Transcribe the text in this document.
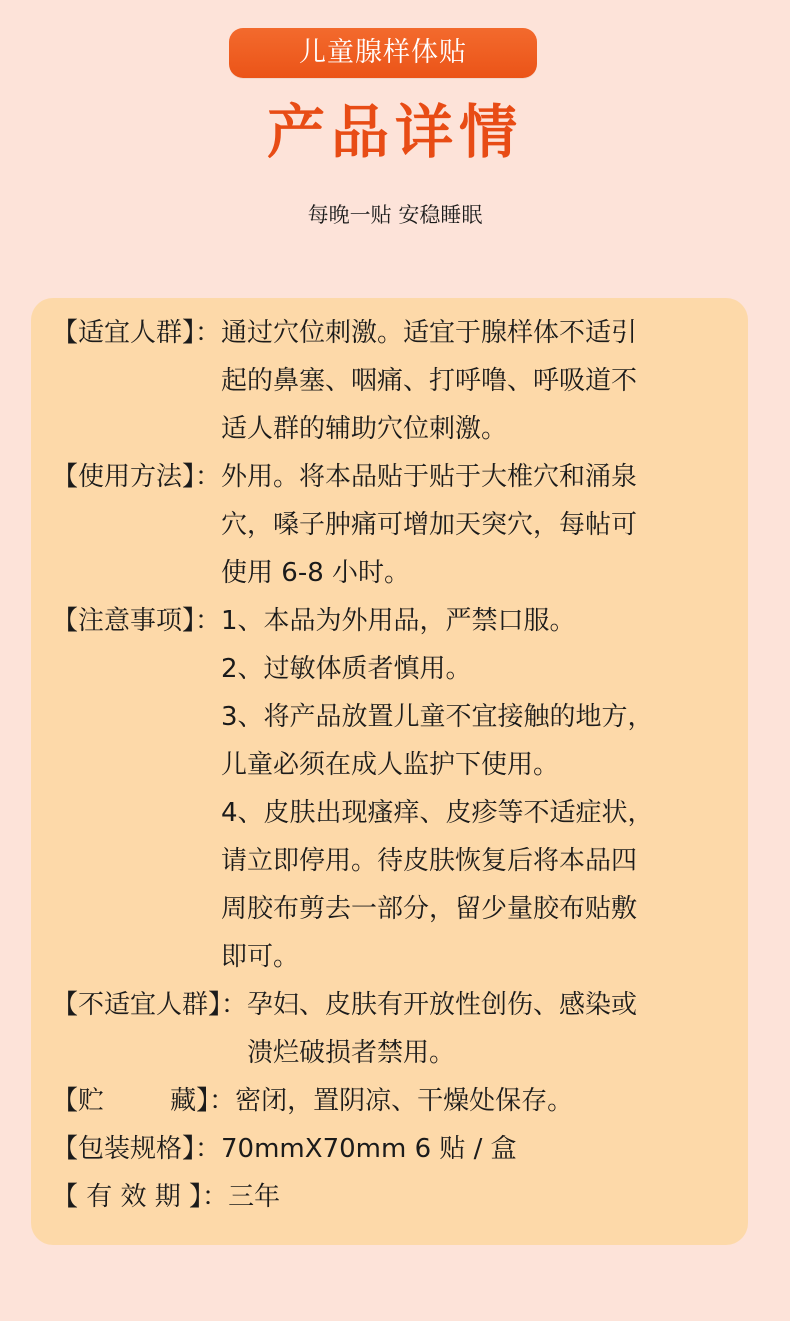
儿童腺样体贴
产品详情
每晚一贴 安稳睡眠
【适宜人群】： 通过穴位刺激。适宜于腺样体不适引
起的鼻塞、咽痛、打呼噜、呼吸道不
适人群的辅助穴位刺激。
【使用方法】： 外用。将本品贴于贴于大椎穴和涌泉
穴，嗓子肿痛可增加天突穴，每帖可
使用 6-8 小时。
【注意事项】： 1、本品为外用品，严禁口服。
2、过敏体质者慎用。
3、将产品放置儿童不宜接触的地方，
儿童必须在成人监护下使用。
4、皮肤出现瘙痒、皮疹等不适症状，
请立即停用。待皮肤恢复后将本品四
周胶布剪去一部分，留少量胶布贴敷
即可。
【不适宜人群】： 孕妇、皮肤有开放性创伤、感染或
溃烂破损者禁用。
【贮        藏】： 密闭，置阴凉、干燥处保存。
【包装规格】： 70mmX70mm 6 贴 / 盒
【 有 效 期 】： 三年
